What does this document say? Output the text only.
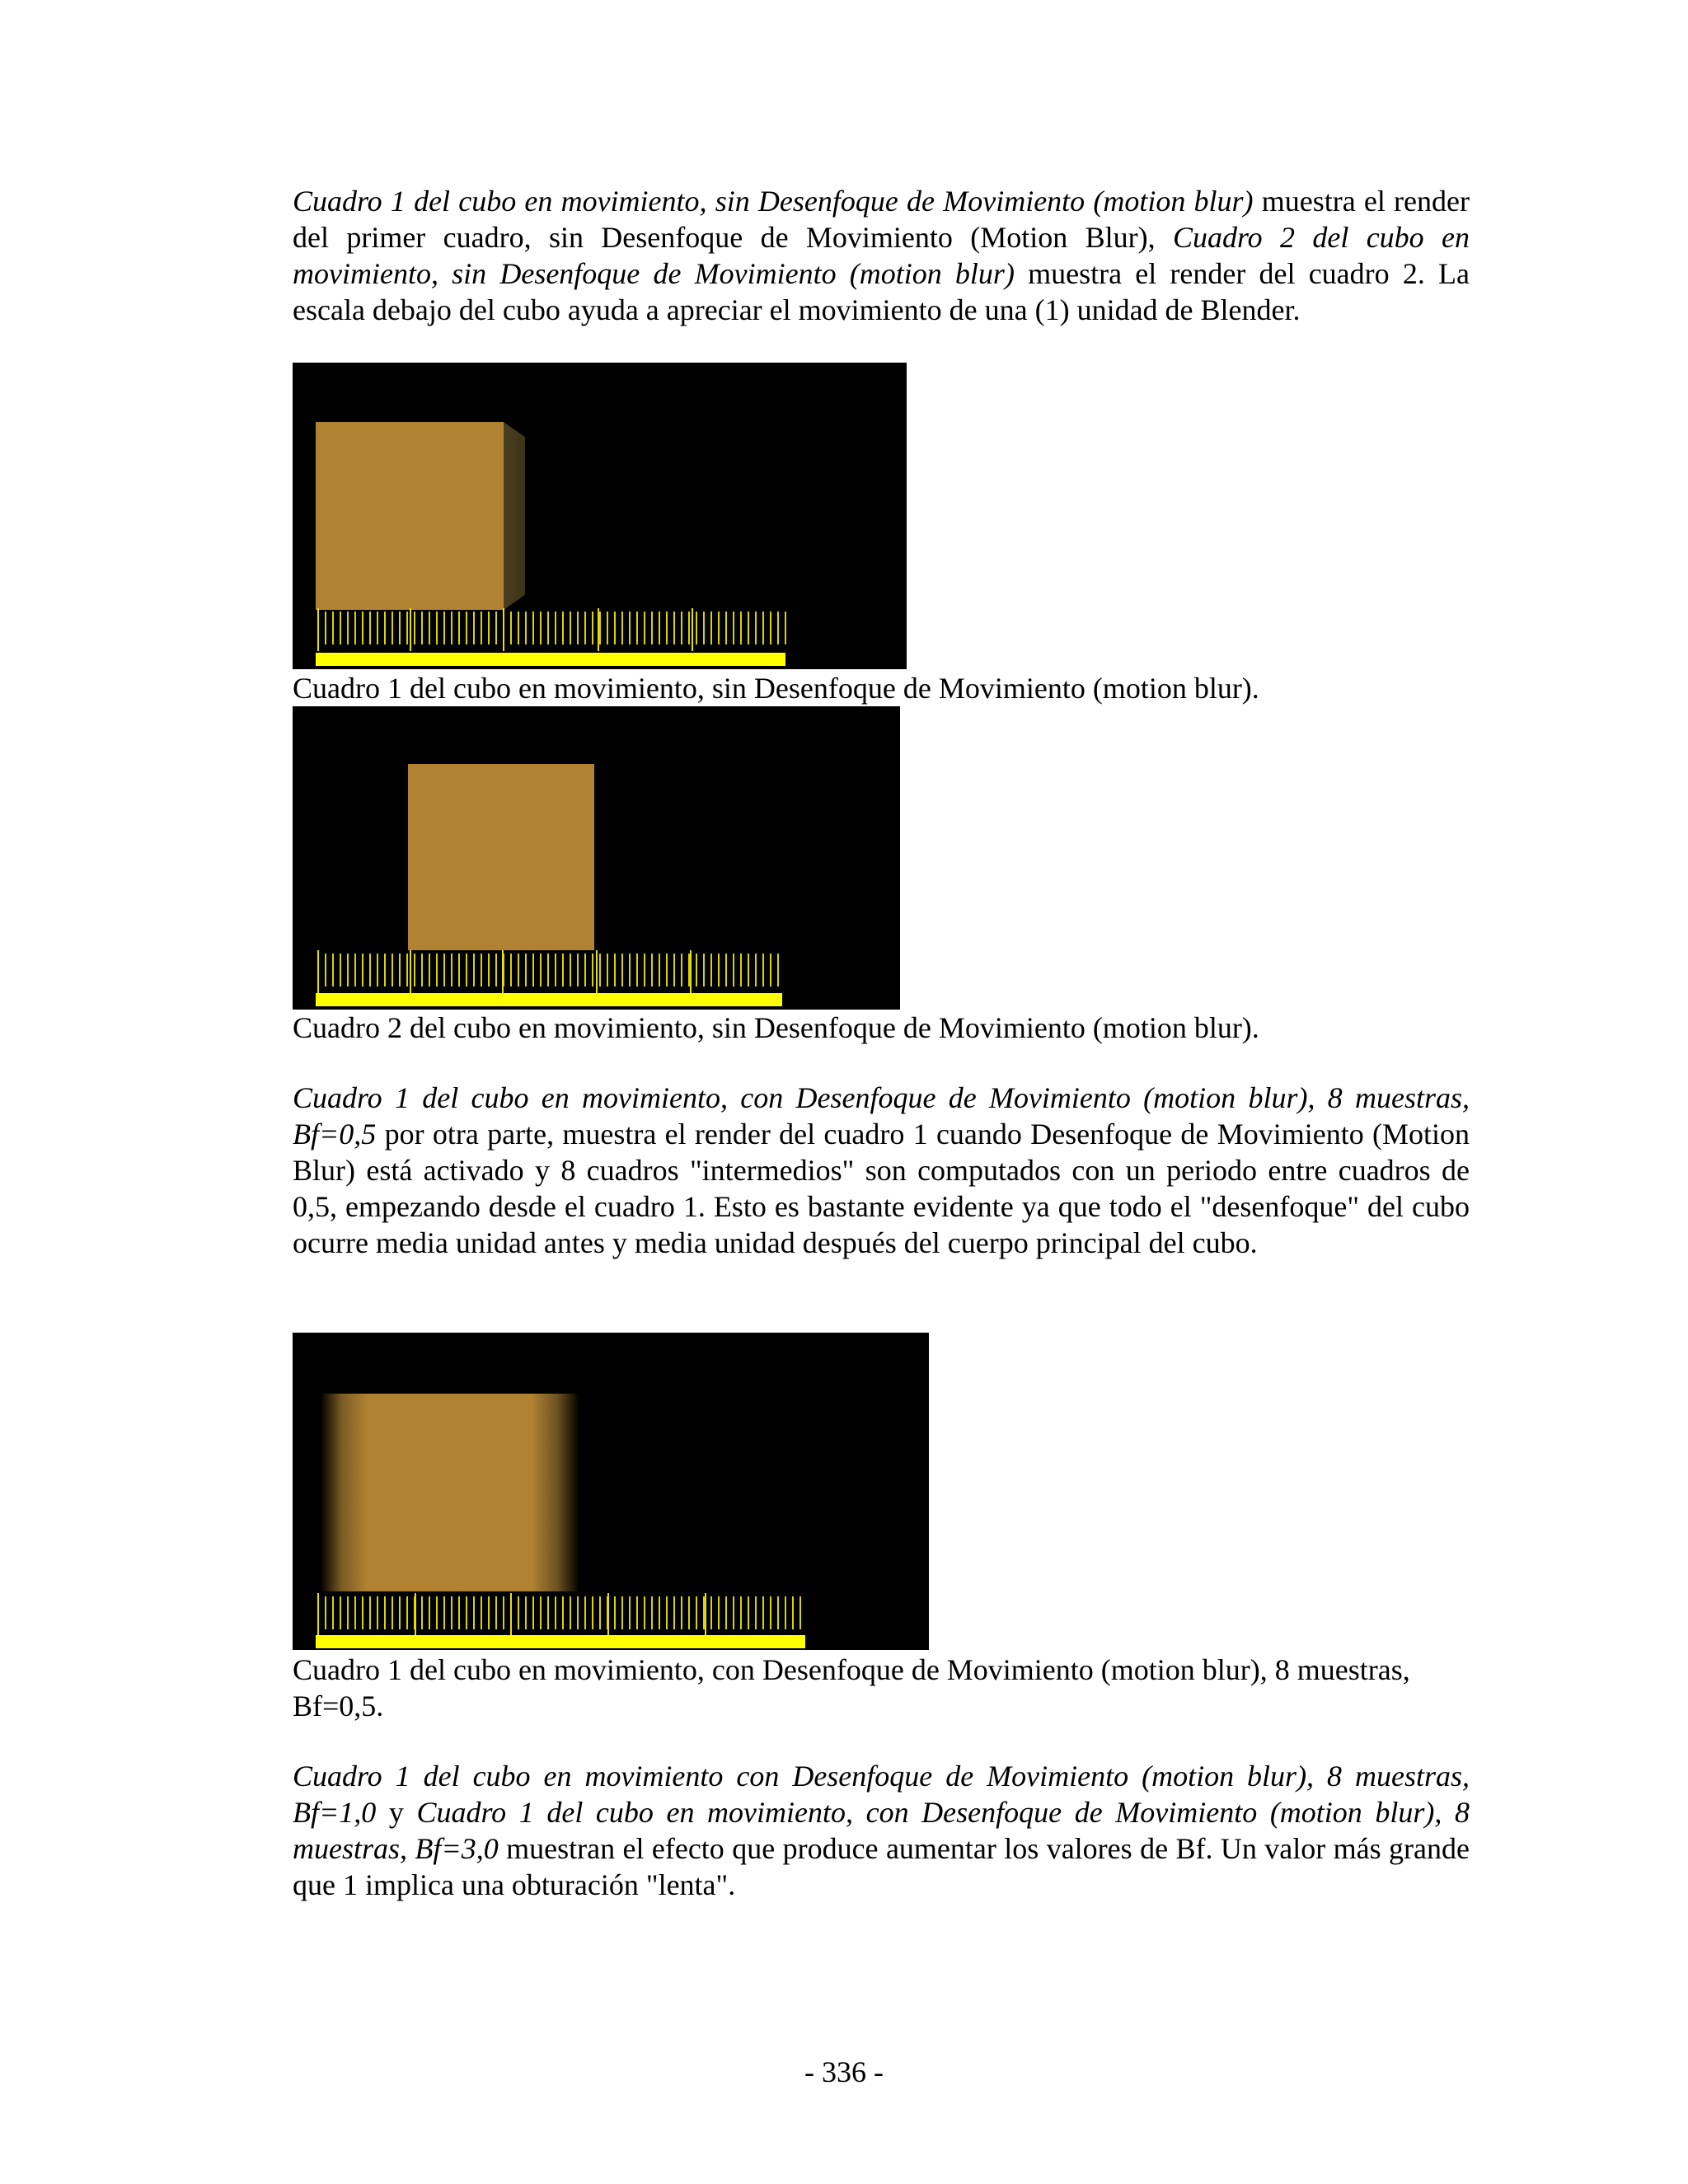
Cuadro 1 del cubo en movimiento, sin Desenfoque de Movimiento (motion blur) muestra el render del primer cuadro, sin Desenfoque de Movimiento (Motion Blur), Cuadro 2 del cubo en movimiento, sin Desenfoque de Movimiento (motion blur) muestra el render del cuadro 2. La escala debajo del cubo ayuda a apreciar el movimiento de una (1) unidad de Blender.

Cuadro 1 del cubo en movimiento, sin Desenfoque de Movimiento (motion blur).

Cuadro 2 del cubo en movimiento, sin Desenfoque de Movimiento (motion blur).

Cuadro 1 del cubo en movimiento, con Desenfoque de Movimiento (motion blur), 8 muestras, Bf=0,5 por otra parte, muestra el render del cuadro 1 cuando Desenfoque de Movimiento (Motion Blur) está activado y 8 cuadros "intermedios" son computados con un periodo entre cuadros de 0,5, empezando desde el cuadro 1. Esto es bastante evidente ya que todo el "desenfoque" del cubo ocurre media unidad antes y media unidad después del cuerpo principal del cubo.

Cuadro 1 del cubo en movimiento, con Desenfoque de Movimiento (motion blur), 8 muestras, Bf=0,5.

Cuadro 1 del cubo en movimiento con Desenfoque de Movimiento (motion blur), 8 muestras, Bf=1,0 y Cuadro 1 del cubo en movimiento, con Desenfoque de Movimiento (motion blur), 8 muestras, Bf=3,0 muestran el efecto que produce aumentar los valores de Bf. Un valor más grande que 1 implica una obturación "lenta".

- 336 -
